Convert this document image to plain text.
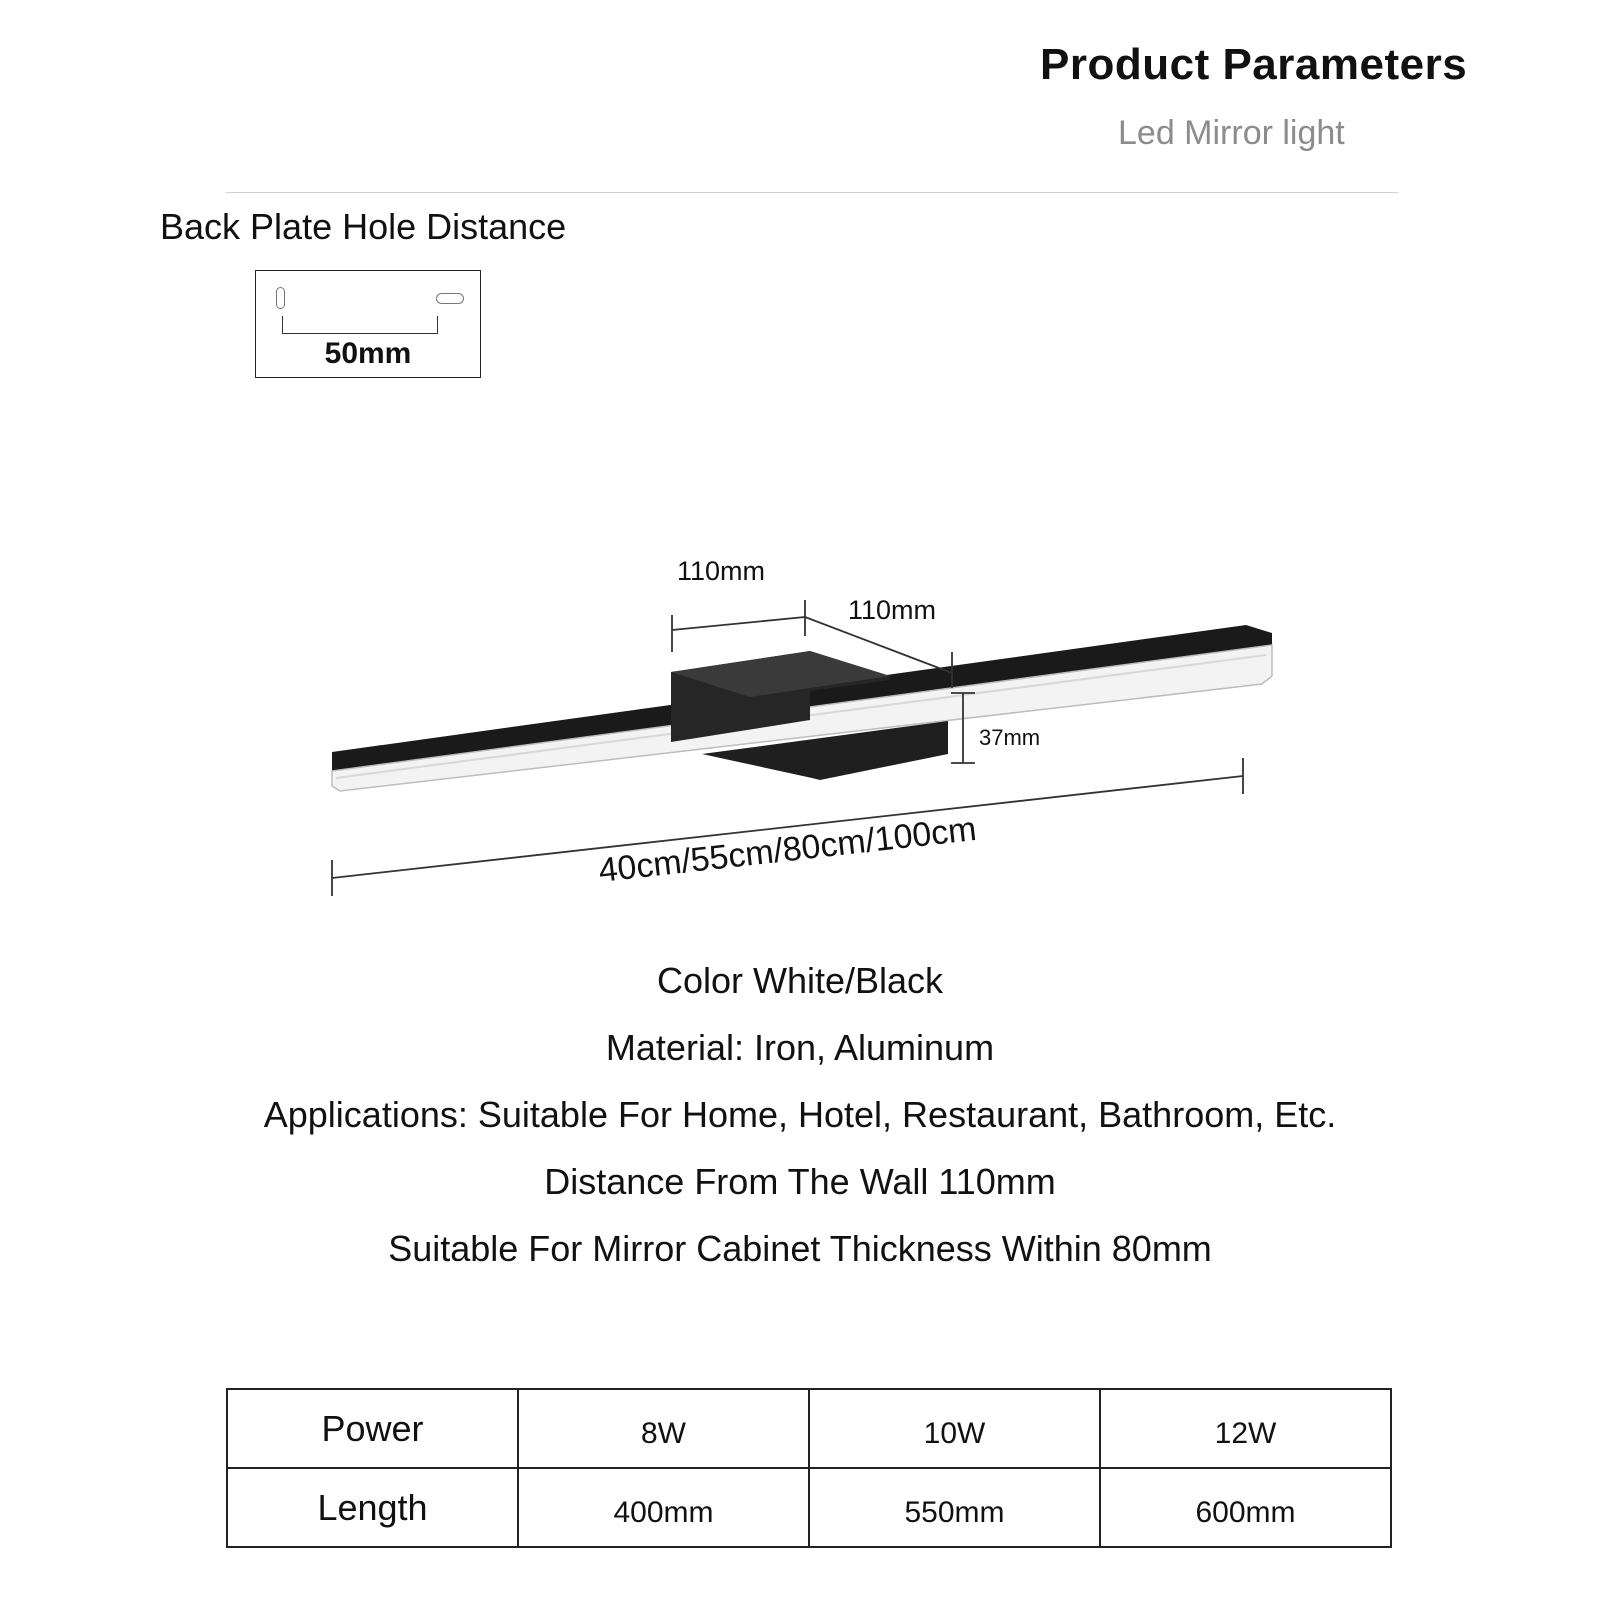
Product Parameters
Led Mirror light
Back Plate Hole Distance
50mm
110mm
110mm
37mm
40cm/55cm/80cm/100cm
Color White/Black
Material: Iron, Aluminum
Applications: Suitable For Home, Hotel, Restaurant, Bathroom, Etc.
Distance From The Wall 110mm
Suitable For Mirror Cabinet Thickness Within 80mm
Power	8W	10W	12W
Length	400mm	550mm	600mm
